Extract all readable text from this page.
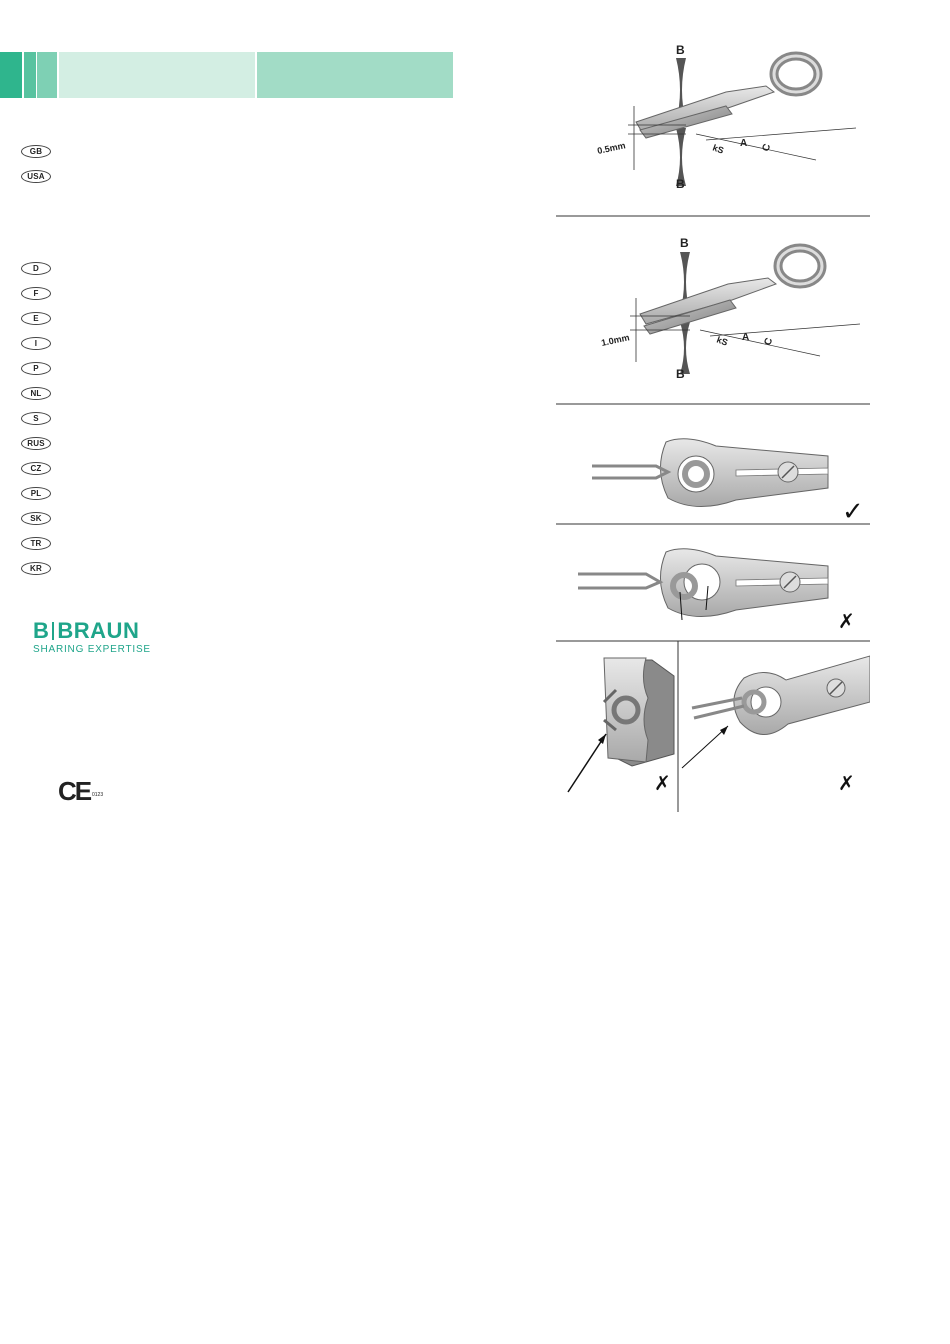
GB
USA
D
F
E
I
P
NL
S
RUS
CZ
PL
SK
TR
KR
B BRAUN
SHARING EXPERTISE
CE 0123
B
B
0.5mm	kS A C
B
B
1.0mm	kS A C
✓
✗
✗	✗
